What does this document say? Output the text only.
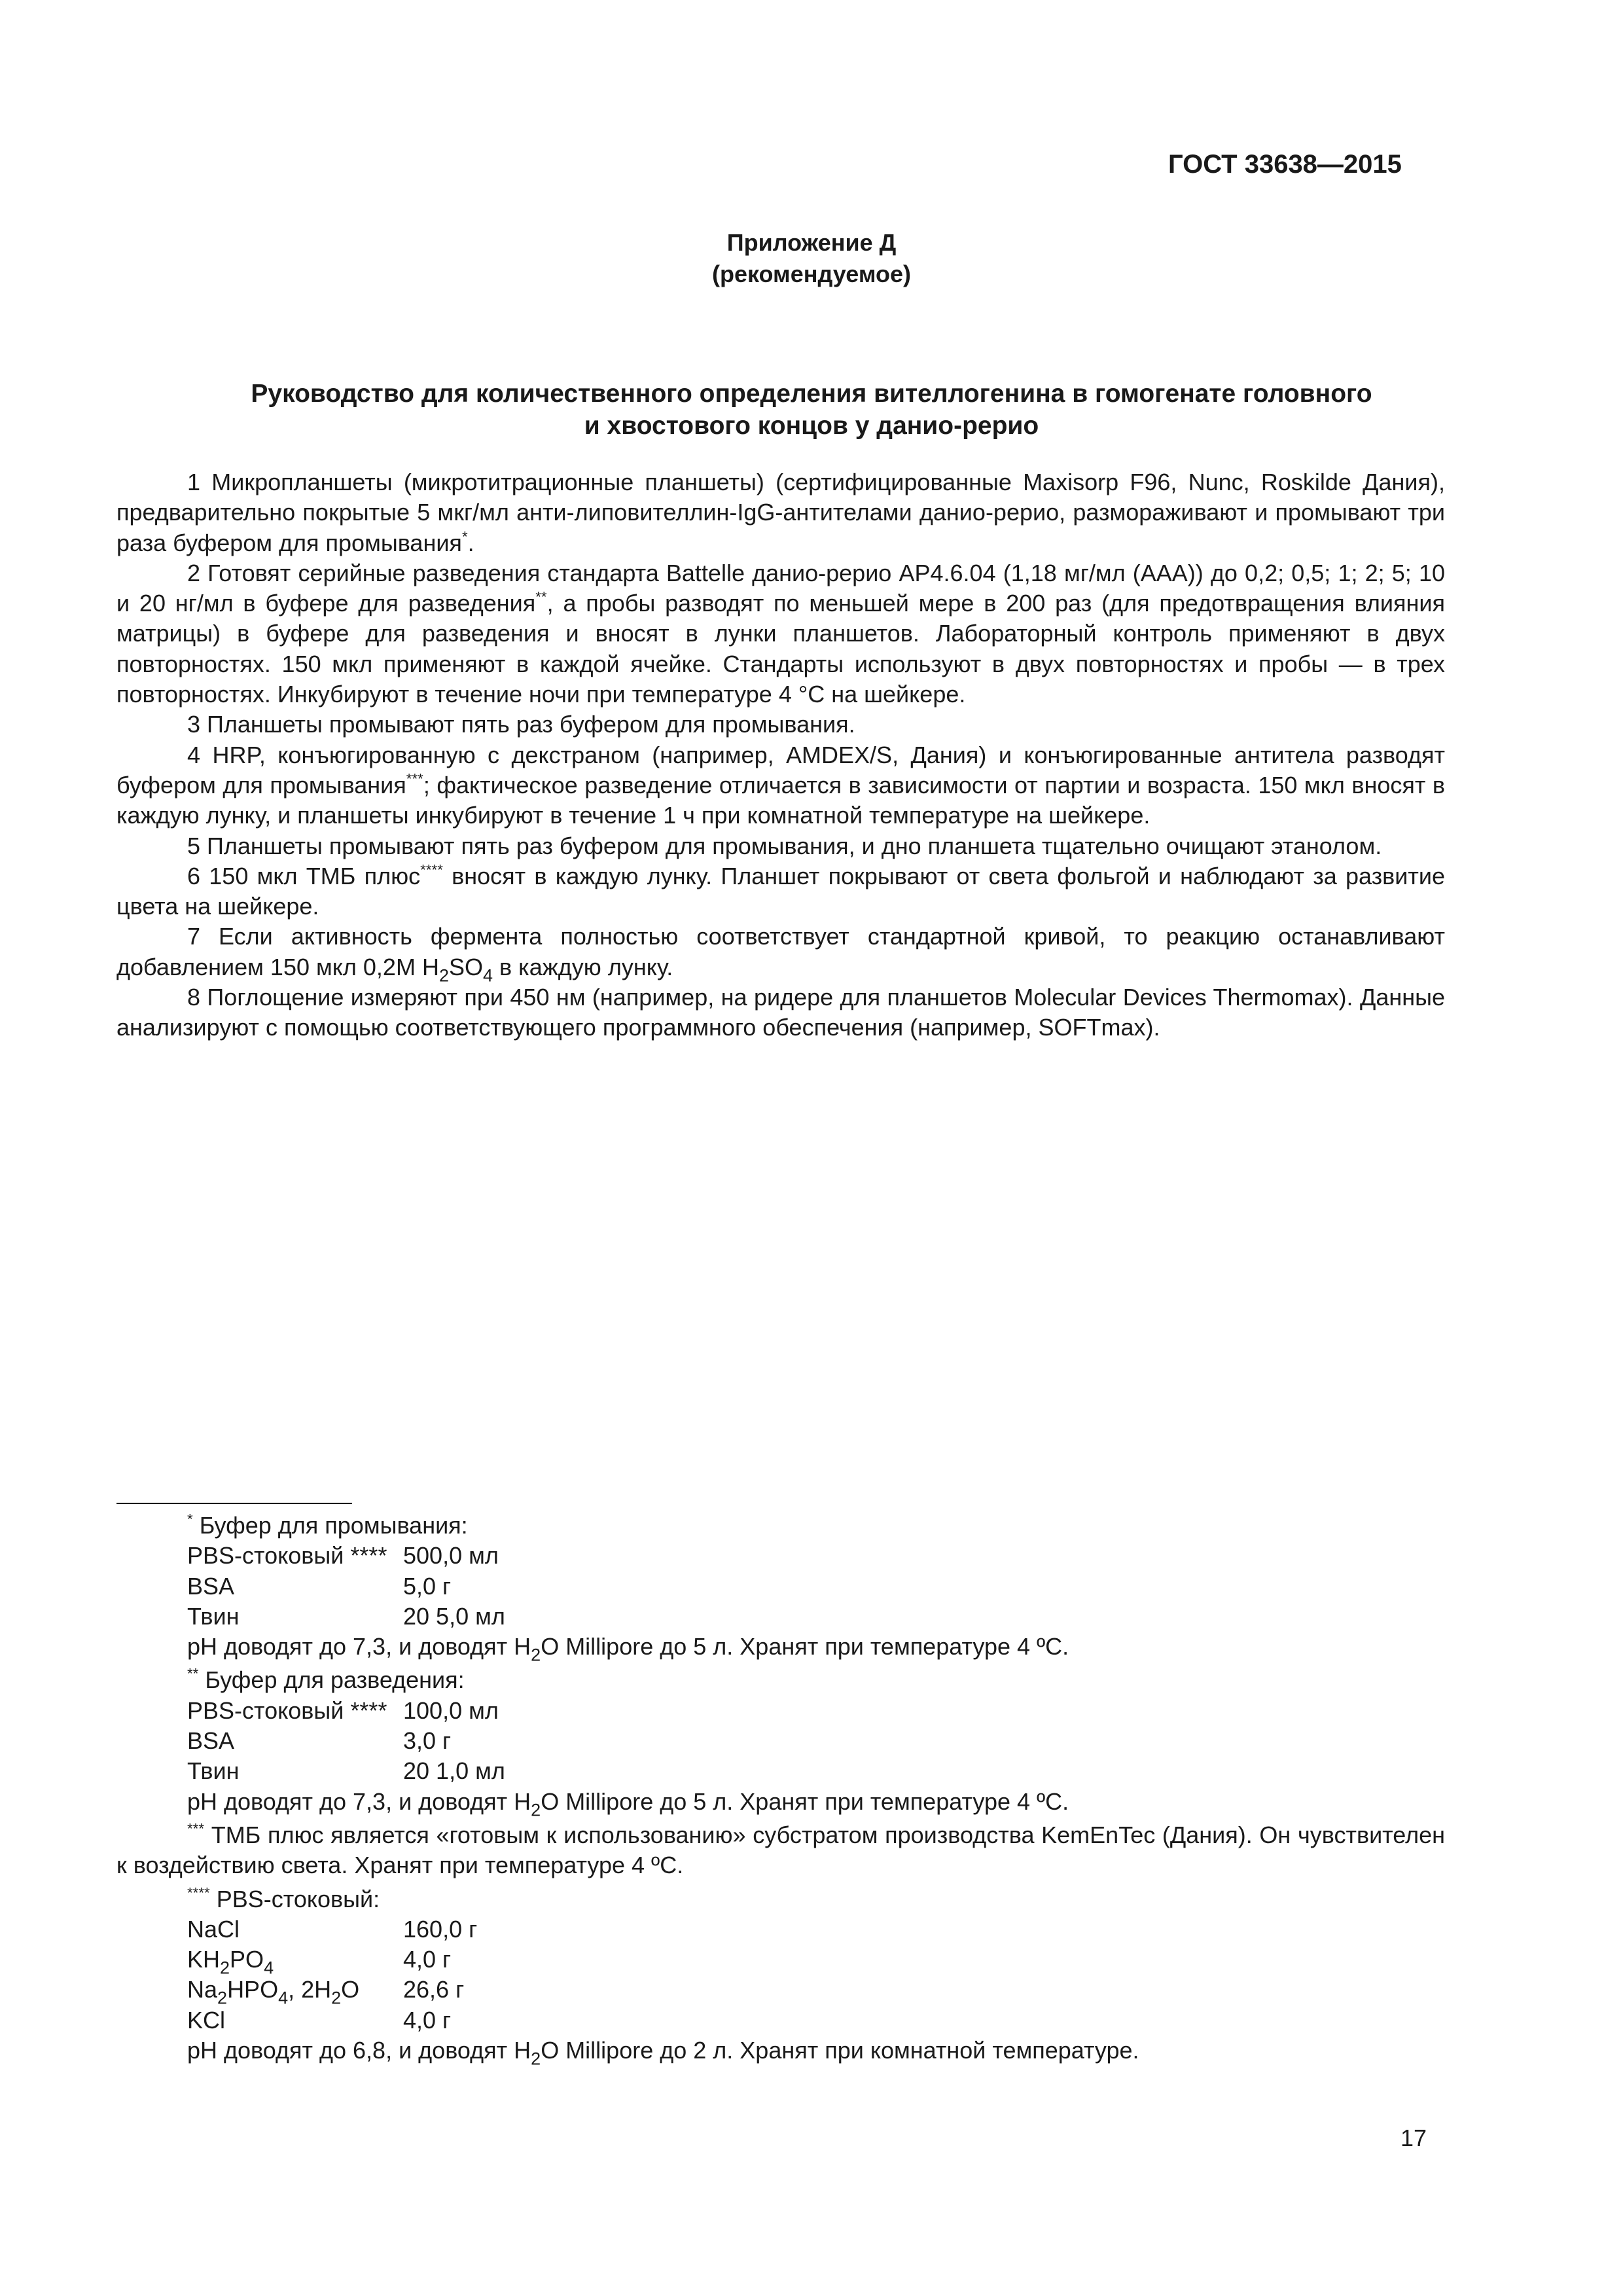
ГОСТ 33638—2015
Приложение Д
(рекомендуемое)
Руководство для количественного определения вителлогенина в гомогенате головного
и хвостового концов у данио-рерио
1 Микропланшеты (микротитрационные планшеты) (сертифицированные Maxisorp F96, Nunc, Roskilde Дания), предварительно покрытые 5 мкг/мл анти-липовителлин-IgG-антителами данио-рерио, размораживают и промывают три раза буфером для промывания*.
2 Готовят серийные разведения стандарта Battelle данио-рерио AP4.6.04 (1,18 мг/мл (AAA)) до 0,2; 0,5; 1; 2; 5; 10 и 20 нг/мл в буфере для разведения**, а пробы разводят по меньшей мере в 200 раз (для предотвращения влияния матрицы) в буфере для разведения и вносят в лунки планшетов. Лабораторный контроль применяют в двух повторностях. 150 мкл применяют в каждой ячейке. Стандарты используют в двух повторностях и пробы — в трех повторностях. Инкубируют в течение ночи при температуре 4 °С на шейкере.
3 Планшеты промывают пять раз буфером для промывания.
4 HRP, конъюгированную с декстраном (например, AMDEX/S, Дания) и конъюгированные антитела разводят буфером для промывания***; фактическое разведение отличается в зависимости от партии и возраста. 150 мкл вносят в каждую лунку, и планшеты инкубируют в течение 1 ч при комнатной температуре на шейкере.
5 Планшеты промывают пять раз буфером для промывания, и дно планшета тщательно очищают этанолом.
6 150 мкл ТМБ плюс**** вносят в каждую лунку. Планшет покрывают от света фольгой и наблюдают за развитие цвета на шейкере.
7 Если активность фермента полностью соответствует стандартной кривой, то реакцию останавливают добавлением 150 мкл 0,2М $H_2SO_4$ в каждую лунку.
8 Поглощение измеряют при 450 нм (например, на ридере для планшетов Molecular Devices Thermomax). Данные анализируют с помощью соответствующего программного обеспечения (например, SOFTmax).
* Буфер для промывания:
PBS-стоковый **** 500,0 мл
BSA	5,0 г
Твин	20 5,0 мл
pH доводят до 7,3, и доводят $H_2O$ Millipore до 5 л. Хранят при температуре 4 ºС.
** Буфер для разведения:
PBS-стоковый **** 100,0 мл
BSA	3,0 г
Твин	20 1,0 мл
pH доводят до 7,3, и доводят $H_2O$ Millipore до 5 л. Хранят при температуре 4 ºС.
*** ТМБ плюс является «готовым к использованию» субстратом производства KemEnTec (Дания). Он чувствителен к воздействию света. Хранят при температуре 4 ºС.
**** PBS-стоковый:
NaCl	160,0 г
$KH_2PO_4$	4,0 г
$Na_2HPO_4$, $2H_2O$	26,6 г
KCl	4,0 г
pH доводят до 6,8, и доводят $H_2O$ Millipore до 2 л. Хранят при комнатной температуре.
17
